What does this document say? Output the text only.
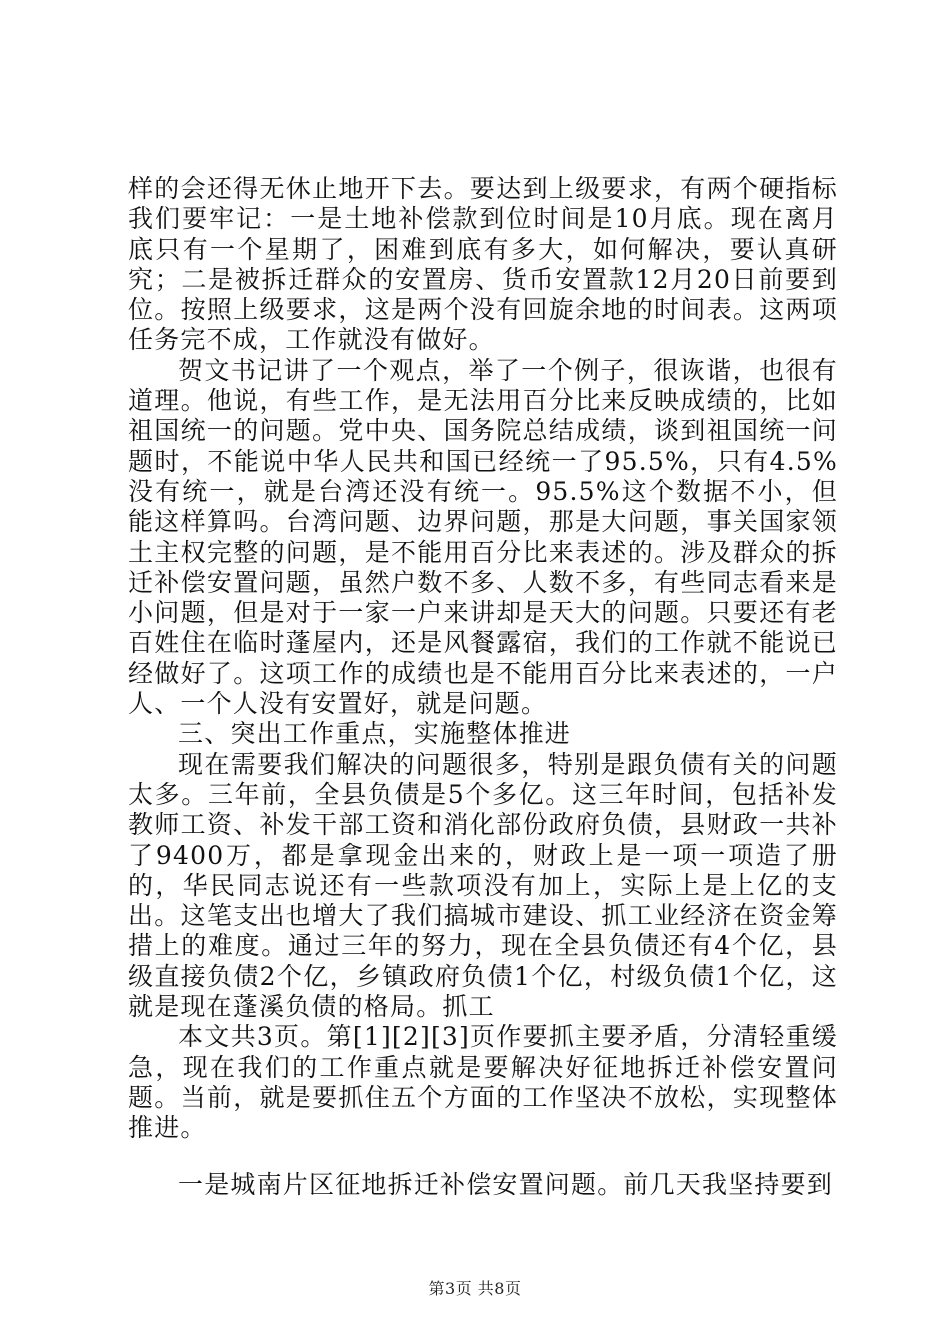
样的会还得无休止地开下去。要达到上级要求，有两个硬指标我们要牢记：一是土地补偿款到位时间是10月底。现在离月底只有一个星期了，困难到底有多大，如何解决，要认真研究；二是被拆迁群众的安置房、货币安置款12月20日前要到位。按照上级要求，这是两个没有回旋余地的时间表。这两项任务完不成，工作就没有做好。

贺文书记讲了一个观点，举了一个例子，很诙谐，也很有道理。他说，有些工作，是无法用百分比来反映成绩的，比如祖国统一的问题。党中央、国务院总结成绩，谈到祖国统一问题时，不能说中华人民共和国已经统一了95.5%，只有4.5%没有统一，就是台湾还没有统一。95.5%这个数据不小，但能这样算吗。台湾问题、边界问题，那是大问题，事关国家领土主权完整的问题，是不能用百分比来表述的。涉及群众的拆迁补偿安置问题，虽然户数不多、人数不多，有些同志看来是小问题，但是对于一家一户来讲却是天大的问题。只要还有老百姓住在临时蓬屋内，还是风餐露宿，我们的工作就不能说已经做好了。这项工作的成绩也是不能用百分比来表述的，一户人、一个人没有安置好，就是问题。

三、突出工作重点，实施整体推进

现在需要我们解决的问题很多，特别是跟负债有关的问题太多。三年前，全县负债是5个多亿。这三年时间，包括补发教师工资、补发干部工资和消化部份政府负债，县财政一共补了9400万，都是拿现金出来的，财政上是一项一项造了册的，华民同志说还有一些款项没有加上，实际上是上亿的支出。这笔支出也增大了我们搞城市建设、抓工业经济在资金筹措上的难度。通过三年的努力，现在全县负债还有4个亿，县级直接负债2个亿，乡镇政府负债1个亿，村级负债1个亿，这就是现在蓬溪负债的格局。抓工

本文共3页。第[1][2][3]页作要抓主要矛盾，分清轻重缓急，现在我们的工作重点就是要解决好征地拆迁补偿安置问题。当前，就是要抓住五个方面的工作坚决不放松，实现整体推进。

一是城南片区征地拆迁补偿安置问题。前几天我坚持要到

第3页 共8页
